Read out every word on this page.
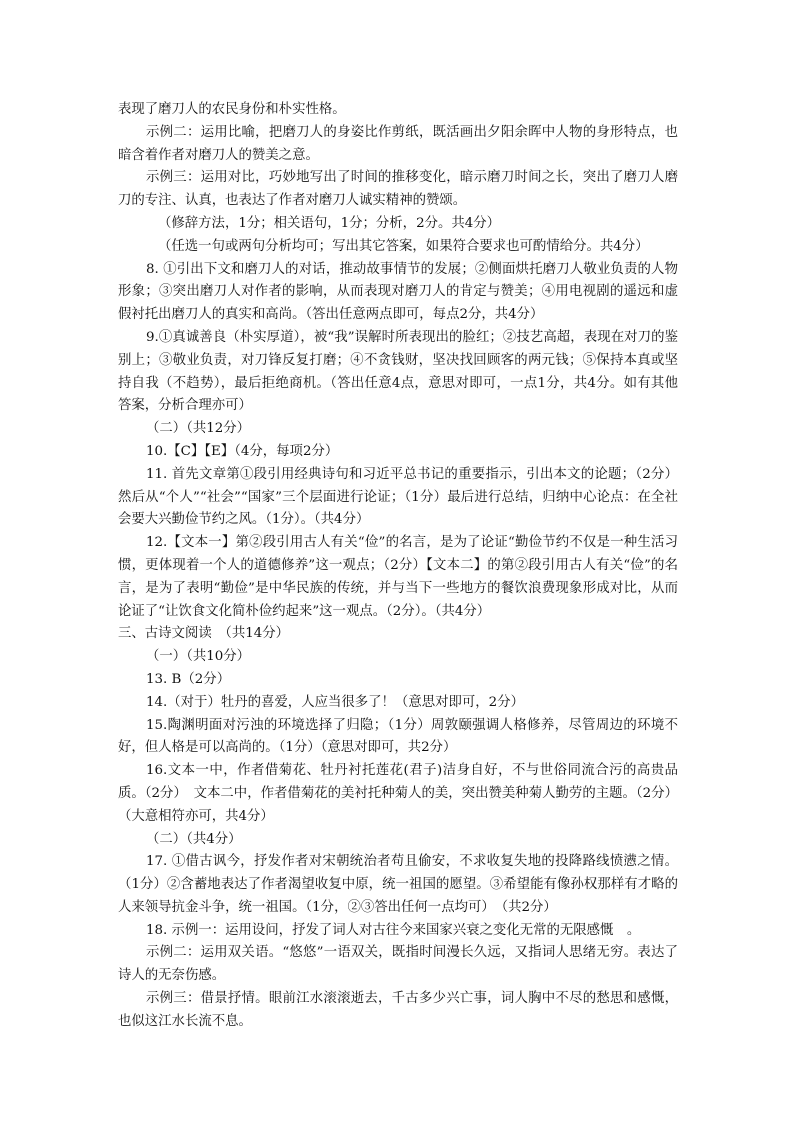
表现了磨刀人的农民身份和朴实性格。

示例二：运用比喻，把磨刀人的身姿比作剪纸，既活画出夕阳余晖中人物的身形特点，也暗含着作者对磨刀人的赞美之意。

示例三：运用对比，巧妙地写出了时间的推移变化，暗示磨刀时间之长，突出了磨刀人磨刀的专注、认真，也表达了作者对磨刀人诚实精神的赞颂。

（修辞方法，1分；相关语句，1分；分析，2分。共4分）

（任选一句或两句分析均可；写出其它答案，如果符合要求也可酌情给分。共4分）

8. ①引出下文和磨刀人的对话，推动故事情节的发展；②侧面烘托磨刀人敬业负责的人物形象；③突出磨刀人对作者的影响，从而表现对磨刀人的肯定与赞美；④用电视剧的遥远和虚假衬托出磨刀人的真实和高尚。（答出任意两点即可，每点2分，共4分）

9.①真诚善良（朴实厚道），被“我”误解时所表现出的脸红；②技艺高超，表现在对刀的鉴别上；③敬业负责，对刀锋反复打磨；④不贪钱财，坚决找回顾客的两元钱；⑤保持本真或坚持自我（不趋势），最后拒绝商机。（答出任意4点，意思对即可，一点1分，共4分。如有其他答案，分析合理亦可）

（二）（共12分）

10.【C】【E】（4分，每项2分）

11. 首先文章第①段引用经典诗句和习近平总书记的重要指示，引出本文的论题；（2分）然后从“个人”“社会”“国家”三个层面进行论证；（1分）最后进行总结，归纳中心论点：在全社会要大兴勤俭节约之风。（1分）。（共4分）

12.【文本一】第②段引用古人有关“俭”的名言，是为了论证“勤俭节约不仅是一种生活习惯，更体现着一个人的道德修养”这一观点；（2分）【文本二】的第②段引用古人有关“俭”的名言，是为了表明“勤俭”是中华民族的传统，并与当下一些地方的餐饮浪费现象形成对比，从而论证了“让饮食文化简朴俭约起来”这一观点。（2分）。（共4分）

三、古诗文阅读　（共14分）

（一）（共10分）

13. B（2分）

14.（对于）牡丹的喜爱，人应当很多了！（意思对即可，2分）

15.陶渊明面对污浊的环境选择了归隐；（1分）周敦颐强调人格修养，尽管周边的环境不好，但人格是可以高尚的。（1分）（意思对即可，共2分）

16.文本一中，作者借菊花、牡丹衬托莲花(君子)洁身自好，不与世俗同流合污的高贵品质。（2分）　文本二中，作者借菊花的美衬托种菊人的美，突出赞美种菊人勤劳的主题。（2分）（大意相符亦可，共4分）

（二）（共4分）

17. ①借古讽今，抒发作者对宋朝统治者苟且偷安，不求收复失地的投降路线愤懑之情。（1分）②含蓄地表达了作者渴望收复中原，统一祖国的愿望。③希望能有像孙权那样有才略的人来领导抗金斗争，统一祖国。（1分，②③答出任何一点均可）　（共2分）

18. 示例一：运用设问，抒发了词人对古往今来国家兴衰之变化无常的无限感慨　。

示例二：运用双关语。“悠悠”一语双关，既指时间漫长久远，又指词人思绪无穷。表达了诗人的无奈伤感。

示例三：借景抒情。眼前江水滚滚逝去，千古多少兴亡事，词人胸中不尽的愁思和感慨，也似这江水长流不息。
